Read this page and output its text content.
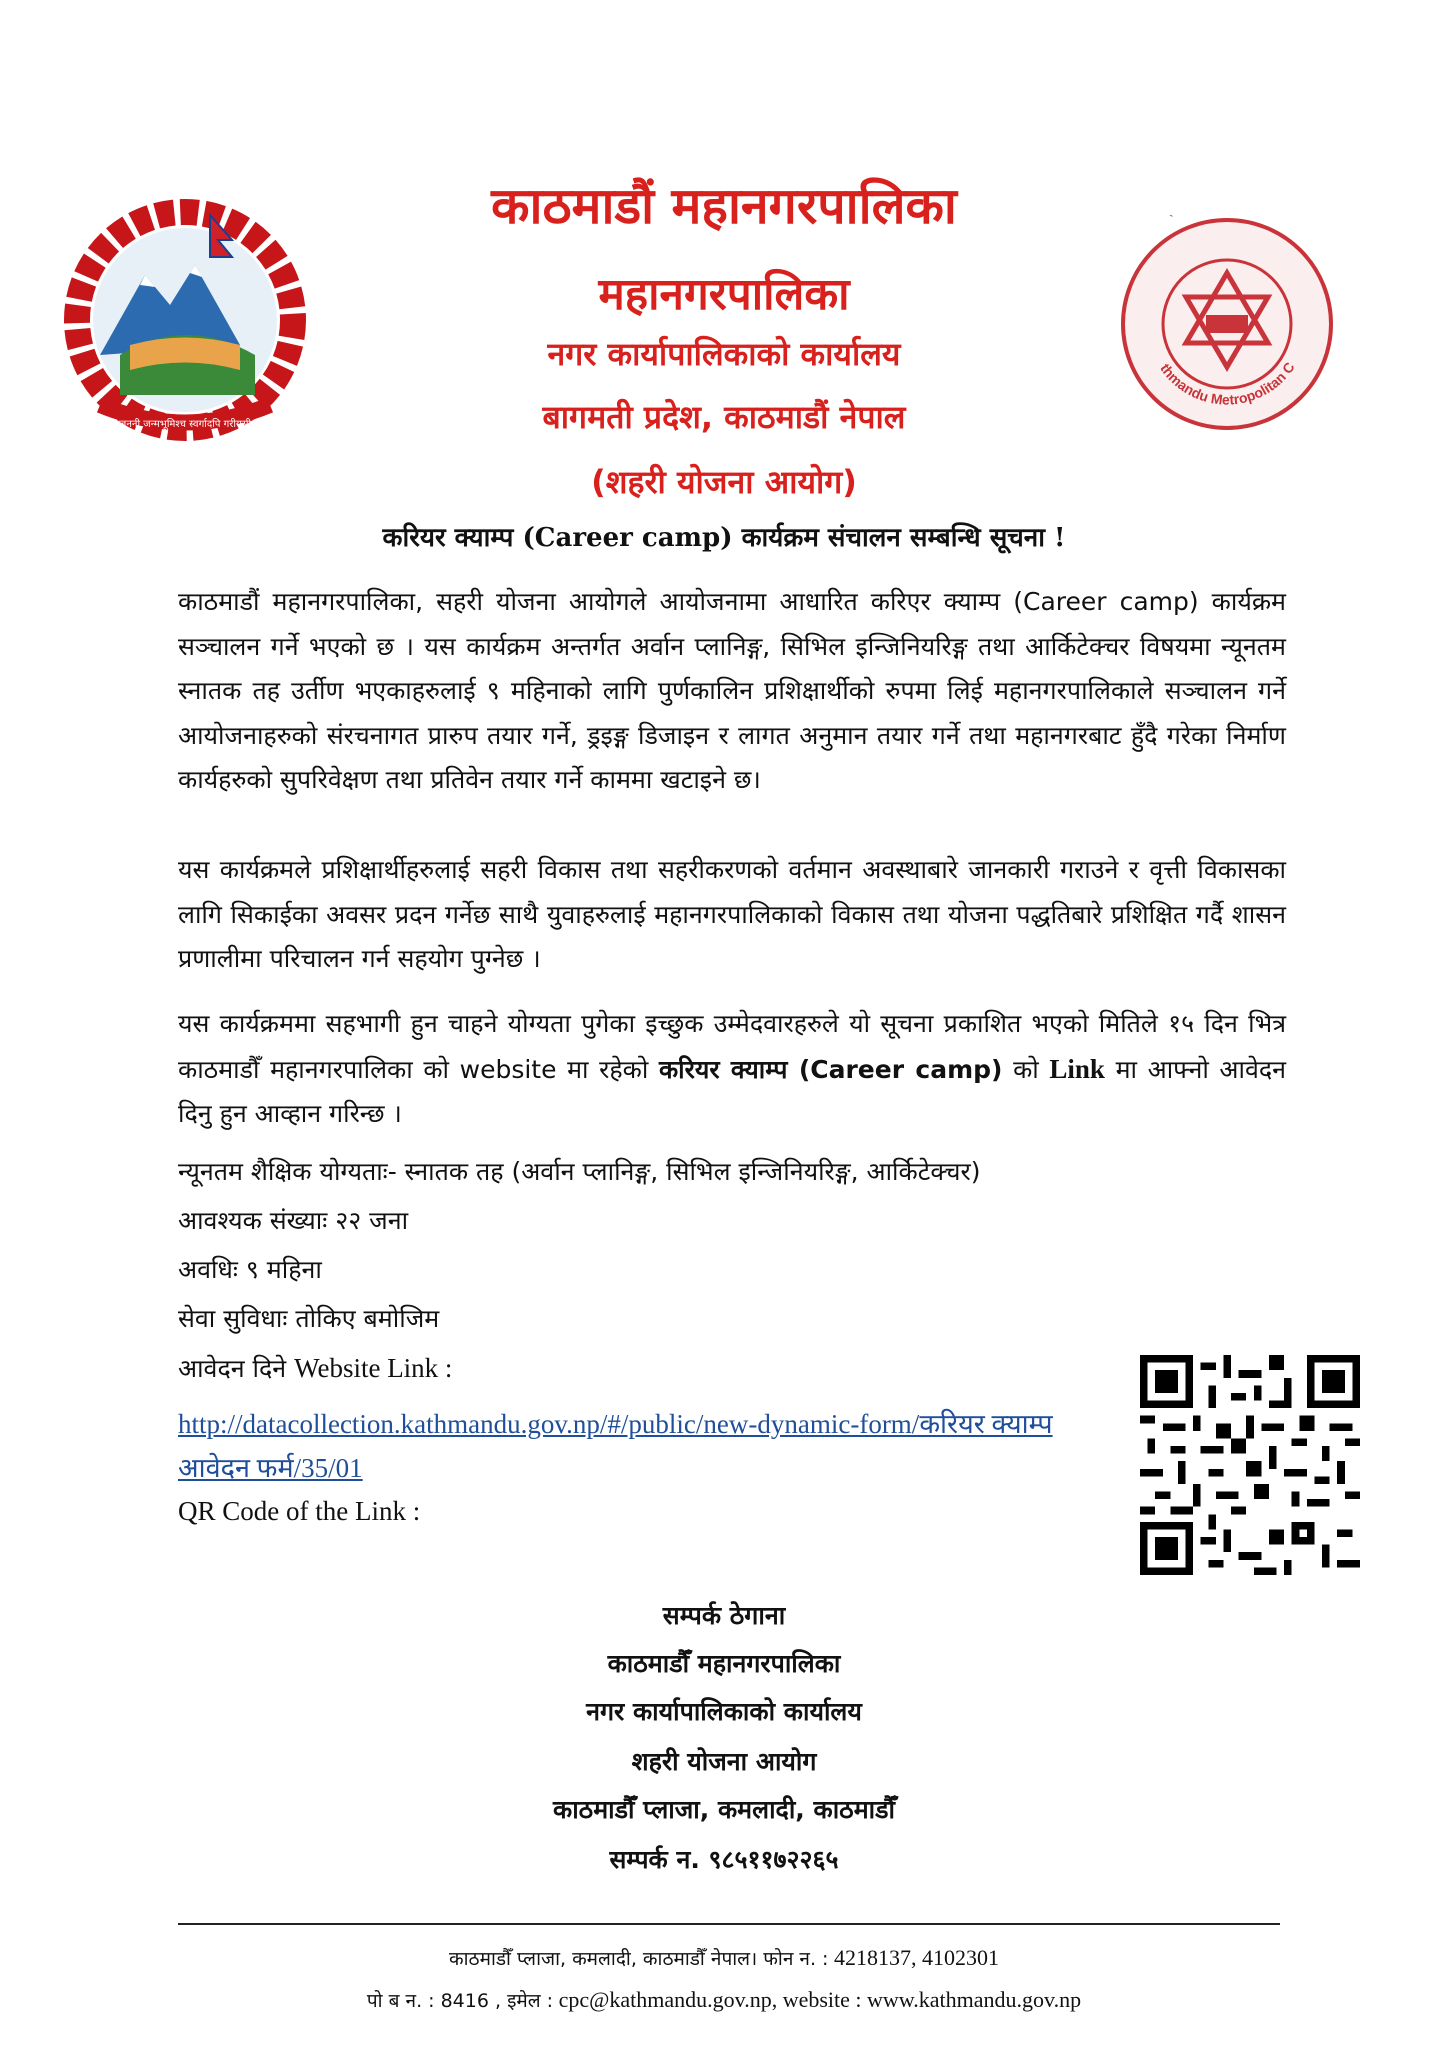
जननी जन्मभूमिश्च स्वर्गादपि गरीयसी
thmandu Metropolitan C
काठमाडौं महानगरपालिका
महानगरपालिका
नगर कार्यापालिकाको कार्यालय
बागमती प्रदेश, काठमाडौं नेपाल
(शहरी योजना आयोग)
करियर क्याम्प (Career camp) कार्यक्रम संचालन सम्बन्धि सूचना !
काठमाडौं महानगरपालिका, सहरी योजना आयोगले आयोजनामा आधारित करिएर क्याम्प (Career camp) कार्यक्रम सञ्चालन गर्ने भएको छ । यस कार्यक्रम अन्तर्गत अर्वान प्लानिङ्ग, सिभिल इन्जिनियरिङ्ग तथा आर्किटेक्चर विषयमा न्यूनतम स्नातक तह उर्तीण भएकाहरुलाई ९ महिनाको लागि पुर्णकालिन प्रशिक्षार्थीको रुपमा लिई महानगरपालिकाले सञ्चालन गर्ने आयोजनाहरुको संरचनागत प्रारुप तयार गर्ने, ड्रइङ्ग डिजाइन र लागत अनुमान तयार गर्ने तथा महानगरबाट हुँदै गरेका निर्माण कार्यहरुको सुपरिवेक्षण तथा प्रतिवेन तयार गर्ने काममा खटाइने छ।
यस कार्यक्रमले प्रशिक्षार्थीहरुलाई सहरी विकास तथा सहरीकरणको वर्तमान अवस्थाबारे जानकारी गराउने र वृत्ती विकासका लागि सिकाईका अवसर प्रदन गर्नेछ साथै युवाहरुलाई महानगरपालिकाको विकास तथा योजना पद्धतिबारे प्रशिक्षित गर्दै शासन प्रणालीमा परिचालन गर्न सहयोग पुग्नेछ ।
यस कार्यक्रममा सहभागी हुन चाहने योग्यता पुगेका इच्छुक उम्मेदवारहरुले यो सूचना प्रकाशित भएको मितिले १५ दिन भित्र काठमाडौँ महानगरपालिका को website मा रहेको करियर क्याम्प (Career camp) को Link मा आफ्नो आवेदन दिनु हुन आव्हान गरिन्छ ।
न्यूनतम शैक्षिक योग्यताः- स्नातक तह (अर्वान प्लानिङ्ग, सिभिल इन्जिनियरिङ्ग, आर्किटेक्चर)
आवश्यक संख्याः २२ जना
अवधिः ९ महिना
सेवा सुविधाः तोकिए बमोजिम
आवेदन दिने Website Link :
http://datacollection.kathmandu.gov.np/#/public/new-dynamic-form/करियर क्याम्प आवेदन फर्म/35/01
QR Code of the Link :
सम्पर्क ठेगाना
काठमाडौँ महानगरपालिका
नगर कार्यापालिकाको कार्यालय
शहरी योजना आयोग
काठमाडौँ प्लाजा, कमलादी, काठमाडौँ
सम्पर्क न. ९८५११७२२६५
काठमाडौँ प्लाजा, कमलादी, काठमाडौँ नेपाल। फोन न. : 4218137, 4102301
पो ब न. : 8416 , इमेल : cpc@kathmandu.gov.np, website : www.kathmandu.gov.np
